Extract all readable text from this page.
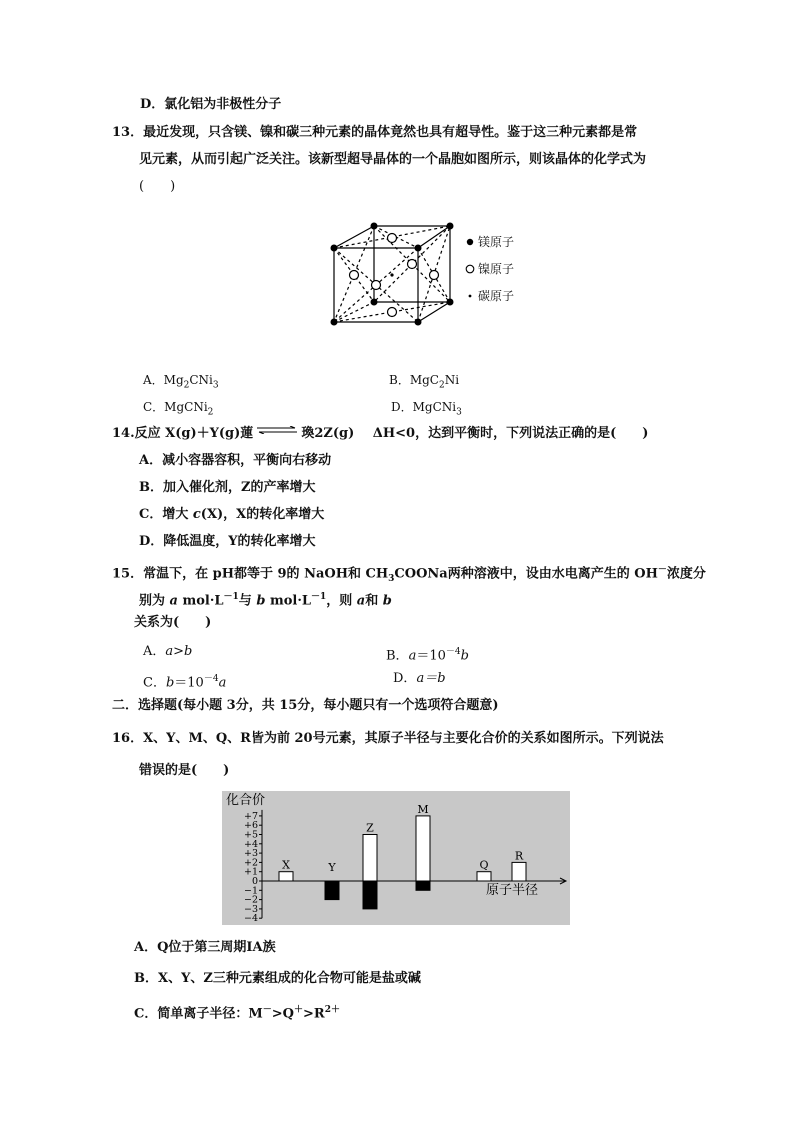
D．氯化铝为非极性分子
13．最近发现，只含镁、镍和碳三种元素的晶体竟然也具有超导性。鉴于这三种元素都是常
见元素，从而引起广泛关注。该新型超导晶体的一个晶胞如图所示，则该晶体的化学式为
(　　)
镁原子
镍原子
碳原子
A．$Mg_2CNi_3$	B．MgC$_2$Ni
C．MgCNi$_2$	D．MgCNi$_3$
14.反应 X(g)＋Y(g)蓮 ⇌ 瑍2Z(g) ΔH<0，达到平衡时，下列说法正确的是(　　)
A．减小容器容积，平衡向右移动
B．加入催化剂，Z的产率增大
C．增大 c(X)，X的转化率增大
D．降低温度，Y的转化率增大
15．常温下，在 pH都等于 9的 NaOH和 $CH_3COONa$两种溶液中，设由水电离产生的 OH－浓度分
别为 a $mol\cdot L^{-1}$与 b $mol\cdot L^{-1}$，则 a和 b
关系为(　　)
A．a>b	B．$a=10^{-4}b$
C．$b=10^{-4}a$	D．a＝b
二．选择题(每小题 3分，共 15分，每小题只有一个选项符合题意)
16．X、Y、M、Q、R皆为前 20号元素，其原子半径与主要化合价的关系如图所示。下列说法
错误的是(　　)
+7
+6
+5
+4
+3
+2
+1
0
−1
−2
−3
−4
化合价
原子半径
X	Y
Z
M
Q
R
A．Q位于第三周期ⅠA族
B．X、Y、Z三种元素组成的化合物可能是盐或碱
C．简单离子半径：$M^->Q^+>R^{2+}$
